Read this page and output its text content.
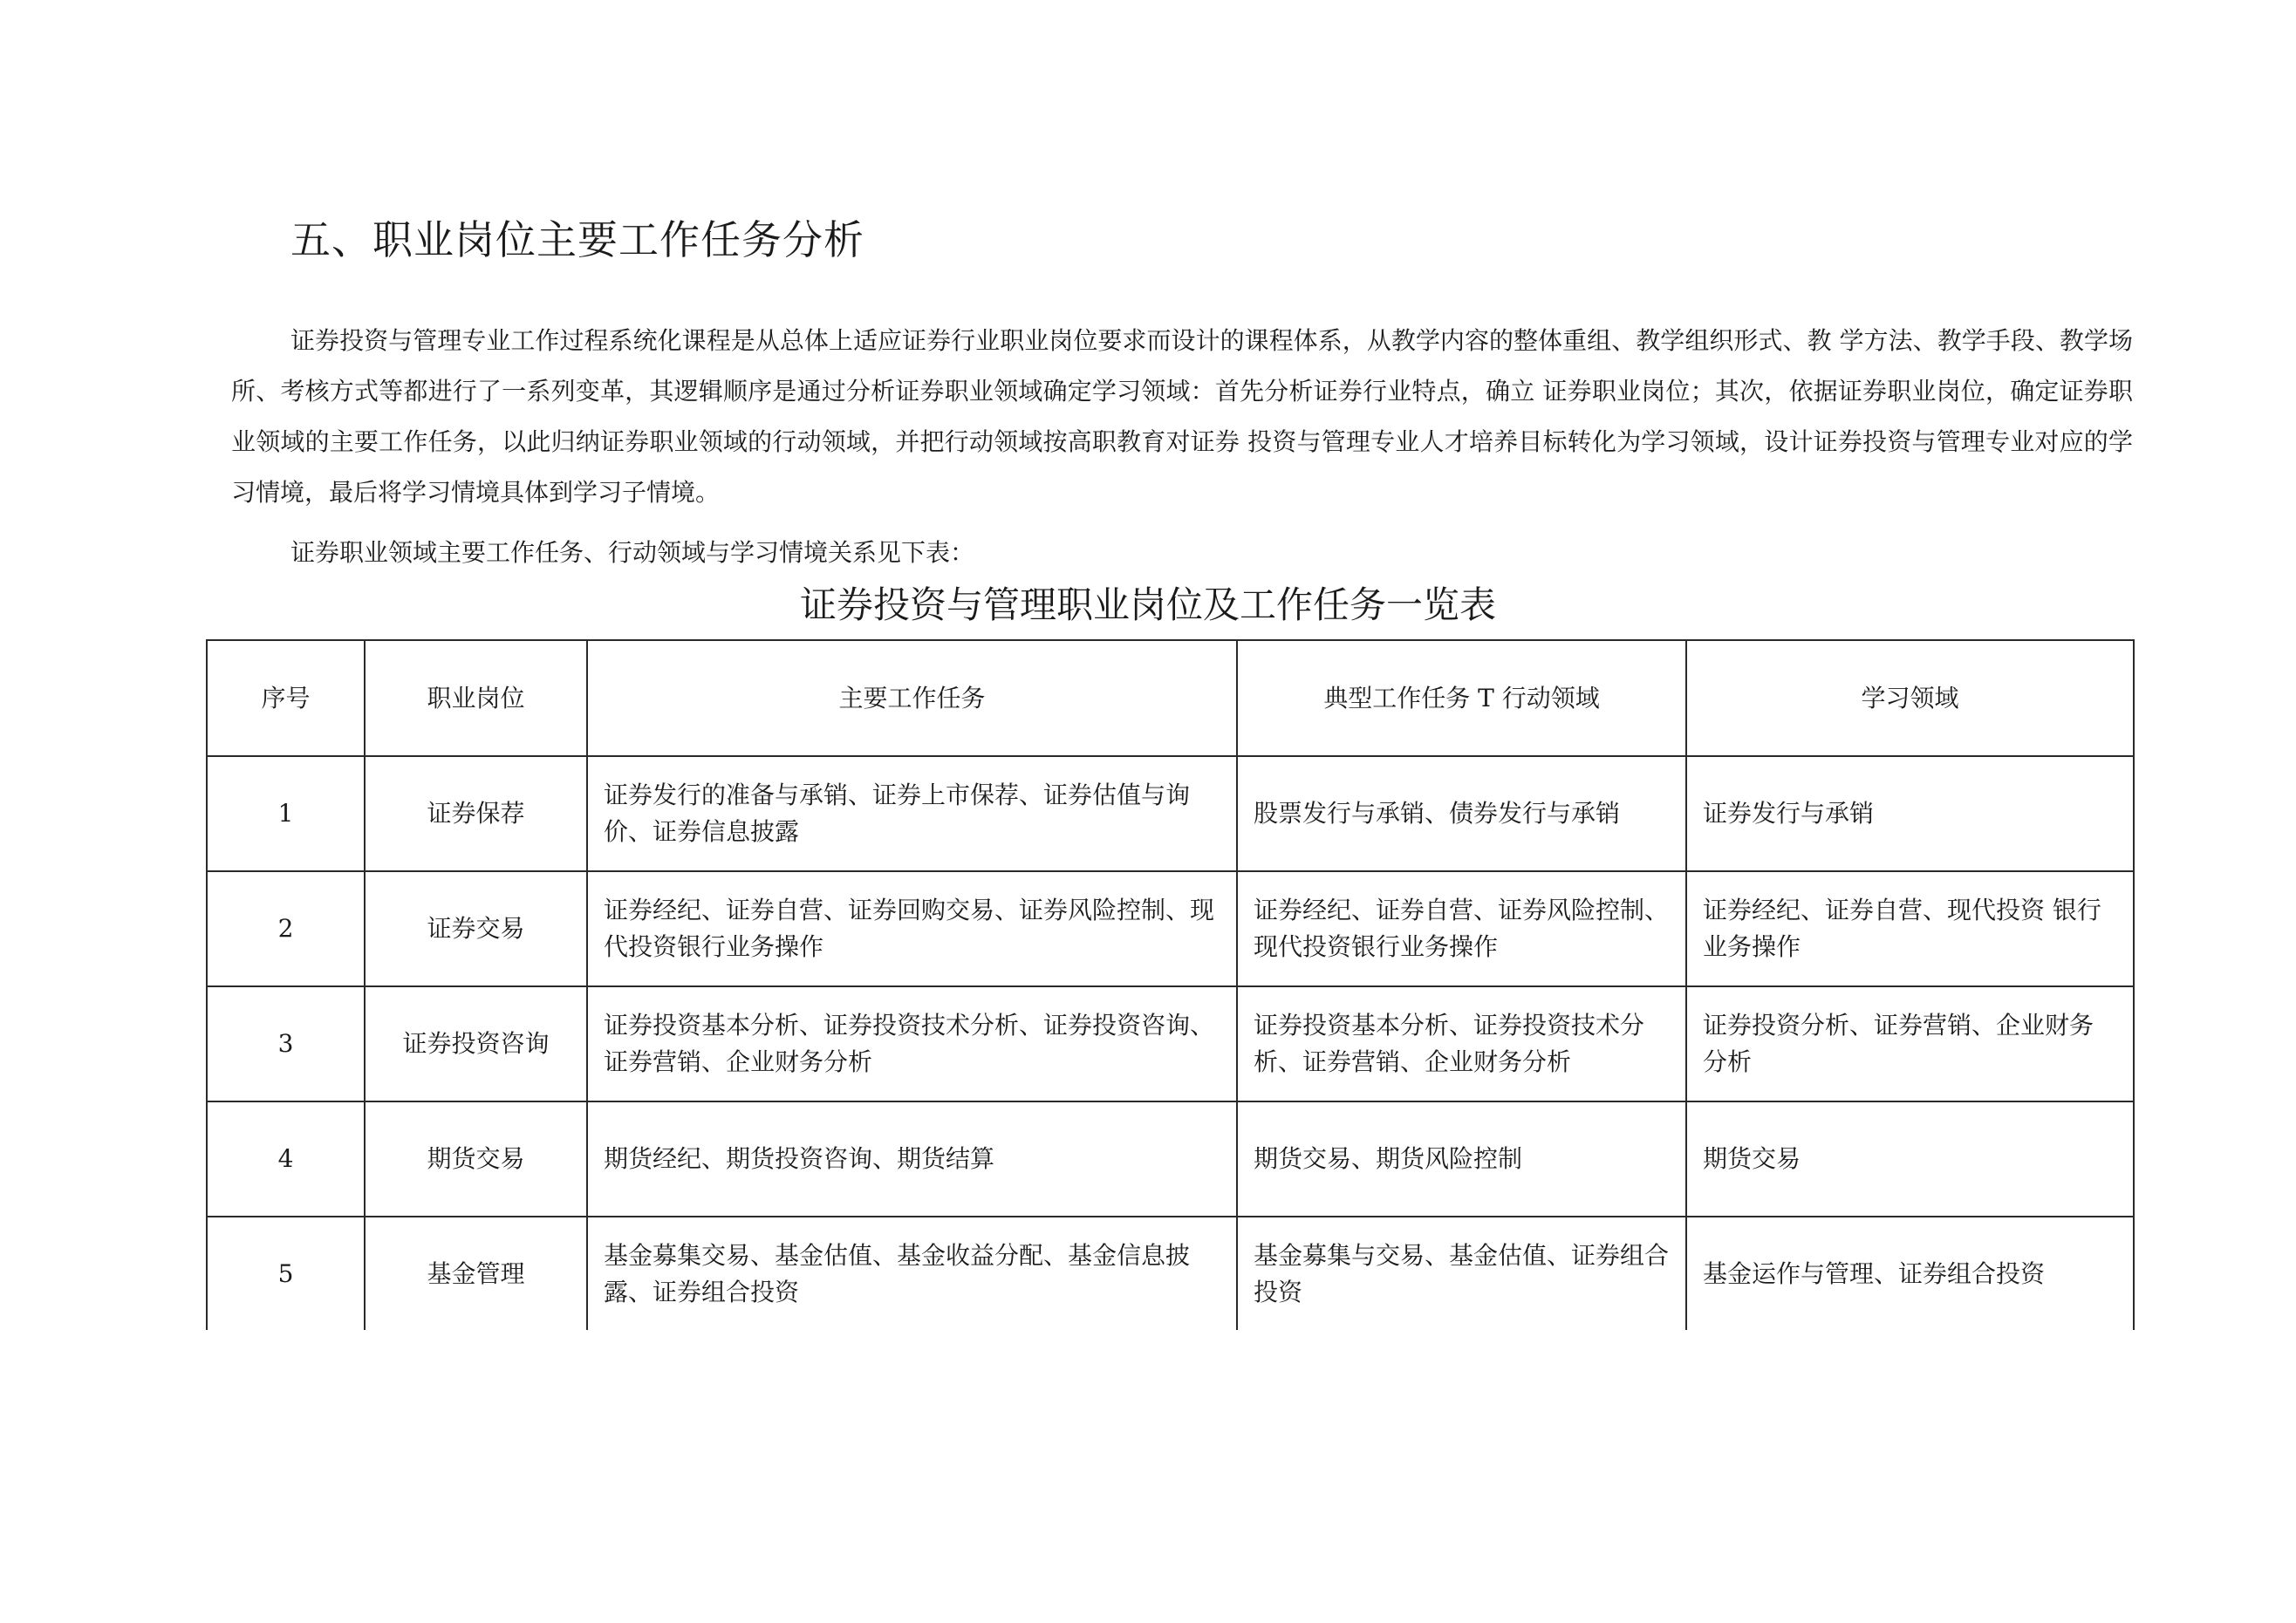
五、职业岗位主要工作任务分析

证券投资与管理专业工作过程系统化课程是从总体上适应证券行业职业岗位要求而设计的课程体系，从教学内容的整体重组、教学组织形式、教 学方法、教学手段、教学场所、考核方式等都进行了一系列变革，其逻辑顺序是通过分析证券职业领域确定学习领域：首先分析证券行业特点，确立 证券职业岗位；其次，依据证券职业岗位，确定证券职业领域的主要工作任务，以此归纳证券职业领域的行动领域，并把行动领域按高职教育对证券 投资与管理专业人才培养目标转化为学习领域，设计证券投资与管理专业对应的学习情境，最后将学习情境具体到学习子情境。

证券职业领域主要工作任务、行动领域与学习情境关系见下表：
证券投资与管理职业岗位及工作任务一览表
序号	职业岗位	主要工作任务	典型工作任务 T 行动领域	学习领域
1	证券保荐	证券发行的准备与承销、证券上市保荐、证券估值与询价、证券信息披露	股票发行与承销、债券发行与承销	证券发行与承销
2	证券交易	证券经纪、证券自营、证券回购交易、证券风险控制、现代投资银行业务操作	证券经纪、证券自营、证券风险控制、现代投资银行业务操作	证券经纪、证券自营、现代投资 银行业务操作
3	证券投资咨询	证券投资基本分析、证券投资技术分析、证券投资咨询、证券营销、企业财务分析	证券投资基本分析、证券投资技术分析、证券营销、企业财务分析	证券投资分析、证券营销、企业财务分析
4	期货交易	期货经纪、期货投资咨询、期货结算	期货交易、期货风险控制	期货交易
5	基金管理	基金募集交易、基金估值、基金收益分配、基金信息披露、证券组合投资	基金募集与交易、基金估值、证券组合投资	基金运作与管理、证券组合投资
